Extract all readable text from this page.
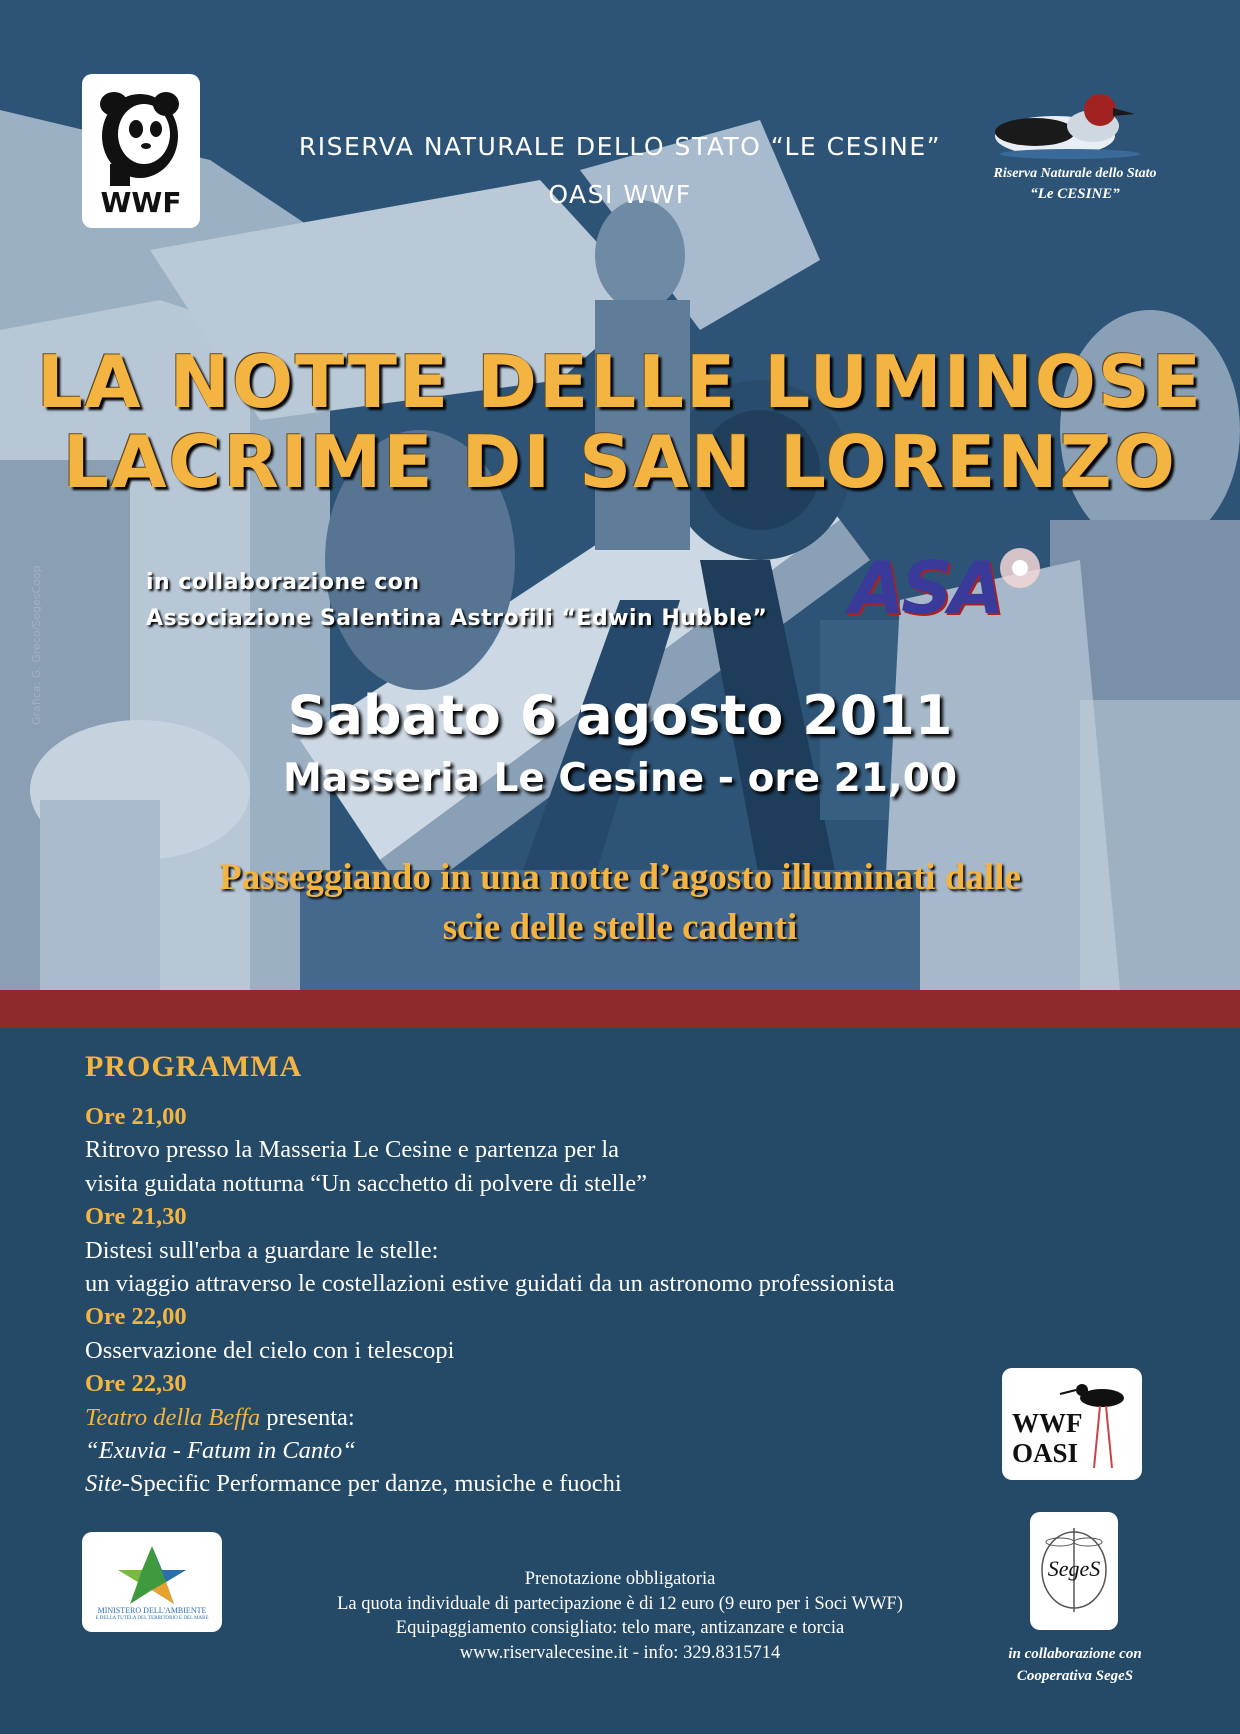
WWF
RISERVA NATURALE DELLO STATO “LE CESINE”
OASI WWF
Riserva Naturale dello Stato
“Le CESINE”
LA NOTTE DELLE LUMINOSE
LACRIME DI SAN LORENZO
in collaborazione con
Associazione Salentina Astrofili “Edwin Hubble”	ASA
Sabato 6 agosto 2011
Masseria Le Cesine - ore 21,00
Passeggiando in una notte d’agosto illuminati dalle
scie delle stelle cadenti
Grafica: G. Greco/SegesCoop
PROGRAMMA
Ore 21,00
Ritrovo presso la Masseria Le Cesine e partenza per la
visita guidata notturna “Un sacchetto di polvere di stelle”
Ore 21,30
Distesi sull'erba a guardare le stelle:
un viaggio attraverso le costellazioni estive guidati da un astronomo professionista
Ore 22,00
Osservazione del cielo con i telescopi
Ore 22,30
Teatro della Beffa presenta:
“Exuvia - Fatum in Canto“
Site-Specific Performance per danze, musiche e fuochi
WWF
OASI
MINISTERO DELL'AMBIENTE
E DELLA TUTELA DEL TERRITORIO E DEL MARE
Prenotazione obbligatoria
La quota individuale di partecipazione è di 12 euro (9 euro per i Soci WWF)
Equipaggiamento consigliato: telo mare, antizanzare e torcia
www.riservalecesine.it - info: 329.8315714
SegeS
in collaborazione con
Cooperativa SegeS
